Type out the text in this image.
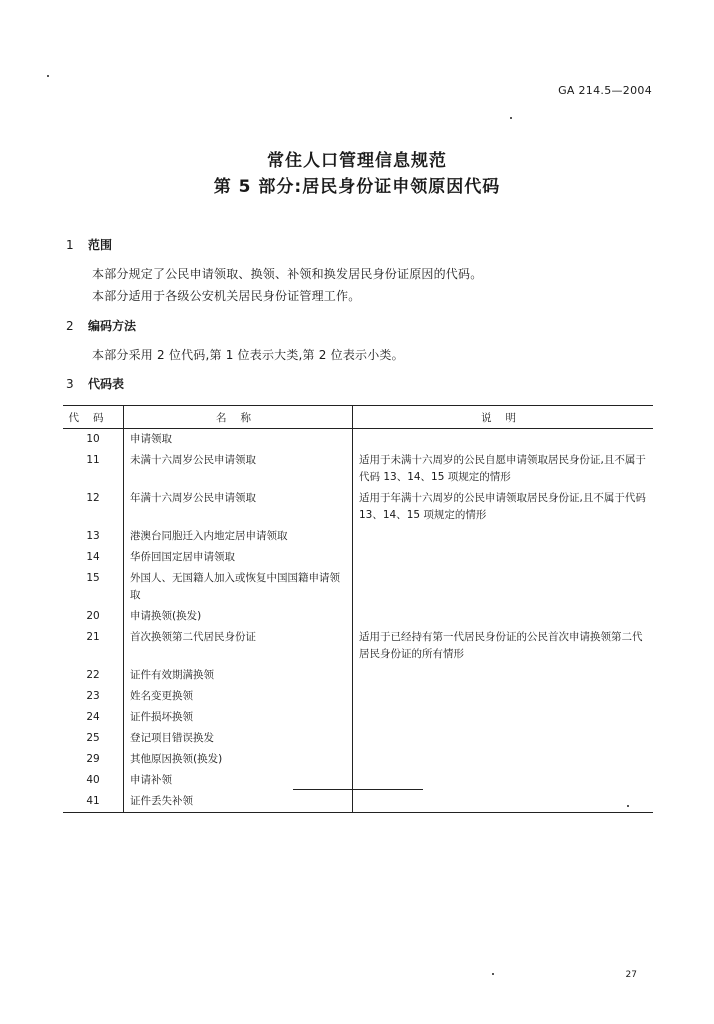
GA 214.5—2004
常住人口管理信息规范
第 5 部分:居民身份证申领原因代码
1 范围
本部分规定了公民申请领取、换领、补领和换发居民身份证原因的代码。
本部分适用于各级公安机关居民身份证管理工作。
2 编码方法
本部分采用 2 位代码,第 1 位表示大类,第 2 位表示小类。
3 代码表
代码	名称	说明
10	申请领取	
11	未满十六周岁公民申请领取	适用于未满十六周岁的公民自愿申请领取居民身份证,且不属于代码 13、14、15 项规定的情形
12	年满十六周岁公民申请领取	适用于年满十六周岁的公民申请领取居民身份证,且不属于代码 13、14、15 项规定的情形
13	港澳台同胞迁入内地定居申请领取	
14	华侨回国定居申请领取	
15	外国人、无国籍人加入或恢复中国国籍申请领取	
20	申请换领(换发)	
21	首次换领第二代居民身份证	适用于已经持有第一代居民身份证的公民首次申请换领第二代居民身份证的所有情形
22	证件有效期满换领	
23	姓名变更换领	
24	证件损坏换领	
25	登记项目错误换发	
29	其他原因换领(换发)	
40	申请补领	
41	证件丢失补领	
27
